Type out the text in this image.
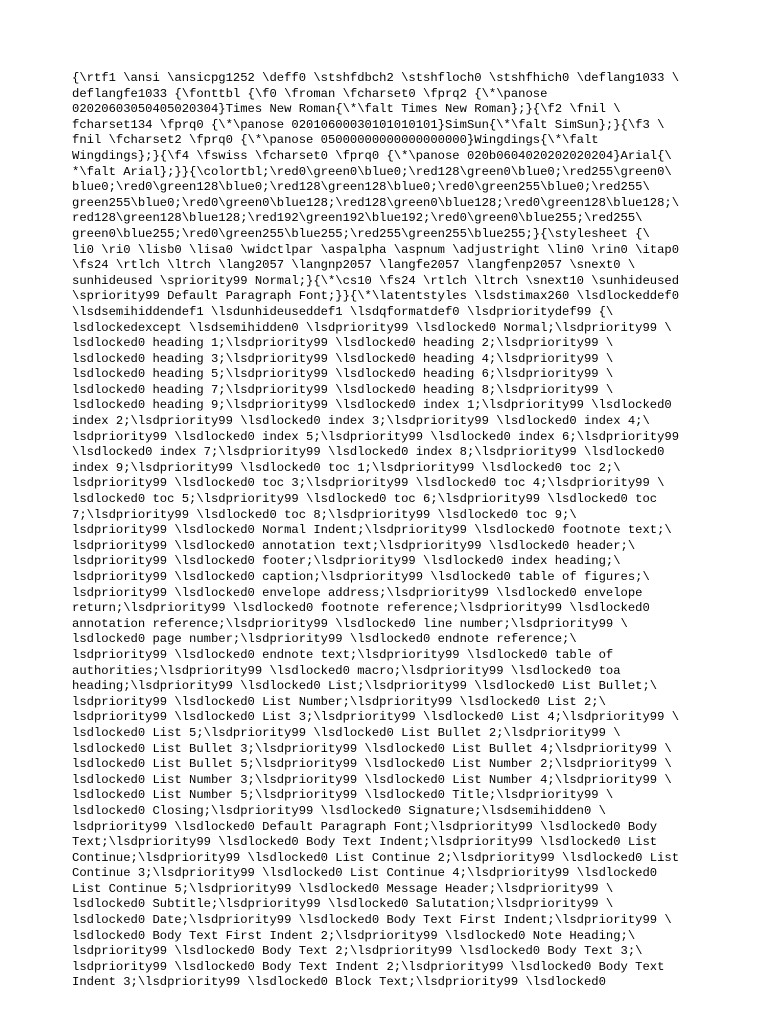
{\rtf1 \ansi \ansicpg1252 \deff0 \stshfdbch2 \stshfloch0 \stshfhich0 \deflang1033 \
deflangfe1033 {\fonttbl {\f0 \froman \fcharset0 \fprq2 {\*\panose
02020603050405020304}Times New Roman{\*\falt Times New Roman};}{\f2 \fnil \
fcharset134 \fprq0 {\*\panose 02010600030101010101}SimSun{\*\falt SimSun};}{\f3 \
fnil \fcharset2 \fprq0 {\*\panose 05000000000000000000}Wingdings{\*\falt
Wingdings};}{\f4 \fswiss \fcharset0 \fprq0 {\*\panose 020b0604020202020204}Arial{\
*\falt Arial};}}{\colortbl;\red0\green0\blue0;\red128\green0\blue0;\red255\green0\
blue0;\red0\green128\blue0;\red128\green128\blue0;\red0\green255\blue0;\red255\
green255\blue0;\red0\green0\blue128;\red128\green0\blue128;\red0\green128\blue128;\
red128\green128\blue128;\red192\green192\blue192;\red0\green0\blue255;\red255\
green0\blue255;\red0\green255\blue255;\red255\green255\blue255;}{\stylesheet {\
li0 \ri0 \lisb0 \lisa0 \widctlpar \aspalpha \aspnum \adjustright \lin0 \rin0 \itap0
\fs24 \rtlch \ltrch \lang2057 \langnp2057 \langfe2057 \langfenp2057 \snext0 \
sunhideused \spriority99 Normal;}{\*\cs10 \fs24 \rtlch \ltrch \snext10 \sunhideused
\spriority99 Default Paragraph Font;}}{\*\latentstyles \lsdstimax260 \lsdlockeddef0
\lsdsemihiddendef1 \lsdunhideuseddef1 \lsdqformatdef0 \lsdprioritydef99 {\
lsdlockedexcept \lsdsemihidden0 \lsdpriority99 \lsdlocked0 Normal;\lsdpriority99 \
lsdlocked0 heading 1;\lsdpriority99 \lsdlocked0 heading 2;\lsdpriority99 \
lsdlocked0 heading 3;\lsdpriority99 \lsdlocked0 heading 4;\lsdpriority99 \
lsdlocked0 heading 5;\lsdpriority99 \lsdlocked0 heading 6;\lsdpriority99 \
lsdlocked0 heading 7;\lsdpriority99 \lsdlocked0 heading 8;\lsdpriority99 \
lsdlocked0 heading 9;\lsdpriority99 \lsdlocked0 index 1;\lsdpriority99 \lsdlocked0
index 2;\lsdpriority99 \lsdlocked0 index 3;\lsdpriority99 \lsdlocked0 index 4;\
lsdpriority99 \lsdlocked0 index 5;\lsdpriority99 \lsdlocked0 index 6;\lsdpriority99
\lsdlocked0 index 7;\lsdpriority99 \lsdlocked0 index 8;\lsdpriority99 \lsdlocked0
index 9;\lsdpriority99 \lsdlocked0 toc 1;\lsdpriority99 \lsdlocked0 toc 2;\
lsdpriority99 \lsdlocked0 toc 3;\lsdpriority99 \lsdlocked0 toc 4;\lsdpriority99 \
lsdlocked0 toc 5;\lsdpriority99 \lsdlocked0 toc 6;\lsdpriority99 \lsdlocked0 toc
7;\lsdpriority99 \lsdlocked0 toc 8;\lsdpriority99 \lsdlocked0 toc 9;\
lsdpriority99 \lsdlocked0 Normal Indent;\lsdpriority99 \lsdlocked0 footnote text;\
lsdpriority99 \lsdlocked0 annotation text;\lsdpriority99 \lsdlocked0 header;\
lsdpriority99 \lsdlocked0 footer;\lsdpriority99 \lsdlocked0 index heading;\
lsdpriority99 \lsdlocked0 caption;\lsdpriority99 \lsdlocked0 table of figures;\
lsdpriority99 \lsdlocked0 envelope address;\lsdpriority99 \lsdlocked0 envelope
return;\lsdpriority99 \lsdlocked0 footnote reference;\lsdpriority99 \lsdlocked0
annotation reference;\lsdpriority99 \lsdlocked0 line number;\lsdpriority99 \
lsdlocked0 page number;\lsdpriority99 \lsdlocked0 endnote reference;\
lsdpriority99 \lsdlocked0 endnote text;\lsdpriority99 \lsdlocked0 table of
authorities;\lsdpriority99 \lsdlocked0 macro;\lsdpriority99 \lsdlocked0 toa
heading;\lsdpriority99 \lsdlocked0 List;\lsdpriority99 \lsdlocked0 List Bullet;\
lsdpriority99 \lsdlocked0 List Number;\lsdpriority99 \lsdlocked0 List 2;\
lsdpriority99 \lsdlocked0 List 3;\lsdpriority99 \lsdlocked0 List 4;\lsdpriority99 \
lsdlocked0 List 5;\lsdpriority99 \lsdlocked0 List Bullet 2;\lsdpriority99 \
lsdlocked0 List Bullet 3;\lsdpriority99 \lsdlocked0 List Bullet 4;\lsdpriority99 \
lsdlocked0 List Bullet 5;\lsdpriority99 \lsdlocked0 List Number 2;\lsdpriority99 \
lsdlocked0 List Number 3;\lsdpriority99 \lsdlocked0 List Number 4;\lsdpriority99 \
lsdlocked0 List Number 5;\lsdpriority99 \lsdlocked0 Title;\lsdpriority99 \
lsdlocked0 Closing;\lsdpriority99 \lsdlocked0 Signature;\lsdsemihidden0 \
lsdpriority99 \lsdlocked0 Default Paragraph Font;\lsdpriority99 \lsdlocked0 Body
Text;\lsdpriority99 \lsdlocked0 Body Text Indent;\lsdpriority99 \lsdlocked0 List
Continue;\lsdpriority99 \lsdlocked0 List Continue 2;\lsdpriority99 \lsdlocked0 List
Continue 3;\lsdpriority99 \lsdlocked0 List Continue 4;\lsdpriority99 \lsdlocked0
List Continue 5;\lsdpriority99 \lsdlocked0 Message Header;\lsdpriority99 \
lsdlocked0 Subtitle;\lsdpriority99 \lsdlocked0 Salutation;\lsdpriority99 \
lsdlocked0 Date;\lsdpriority99 \lsdlocked0 Body Text First Indent;\lsdpriority99 \
lsdlocked0 Body Text First Indent 2;\lsdpriority99 \lsdlocked0 Note Heading;\
lsdpriority99 \lsdlocked0 Body Text 2;\lsdpriority99 \lsdlocked0 Body Text 3;\
lsdpriority99 \lsdlocked0 Body Text Indent 2;\lsdpriority99 \lsdlocked0 Body Text
Indent 3;\lsdpriority99 \lsdlocked0 Block Text;\lsdpriority99 \lsdlocked0
